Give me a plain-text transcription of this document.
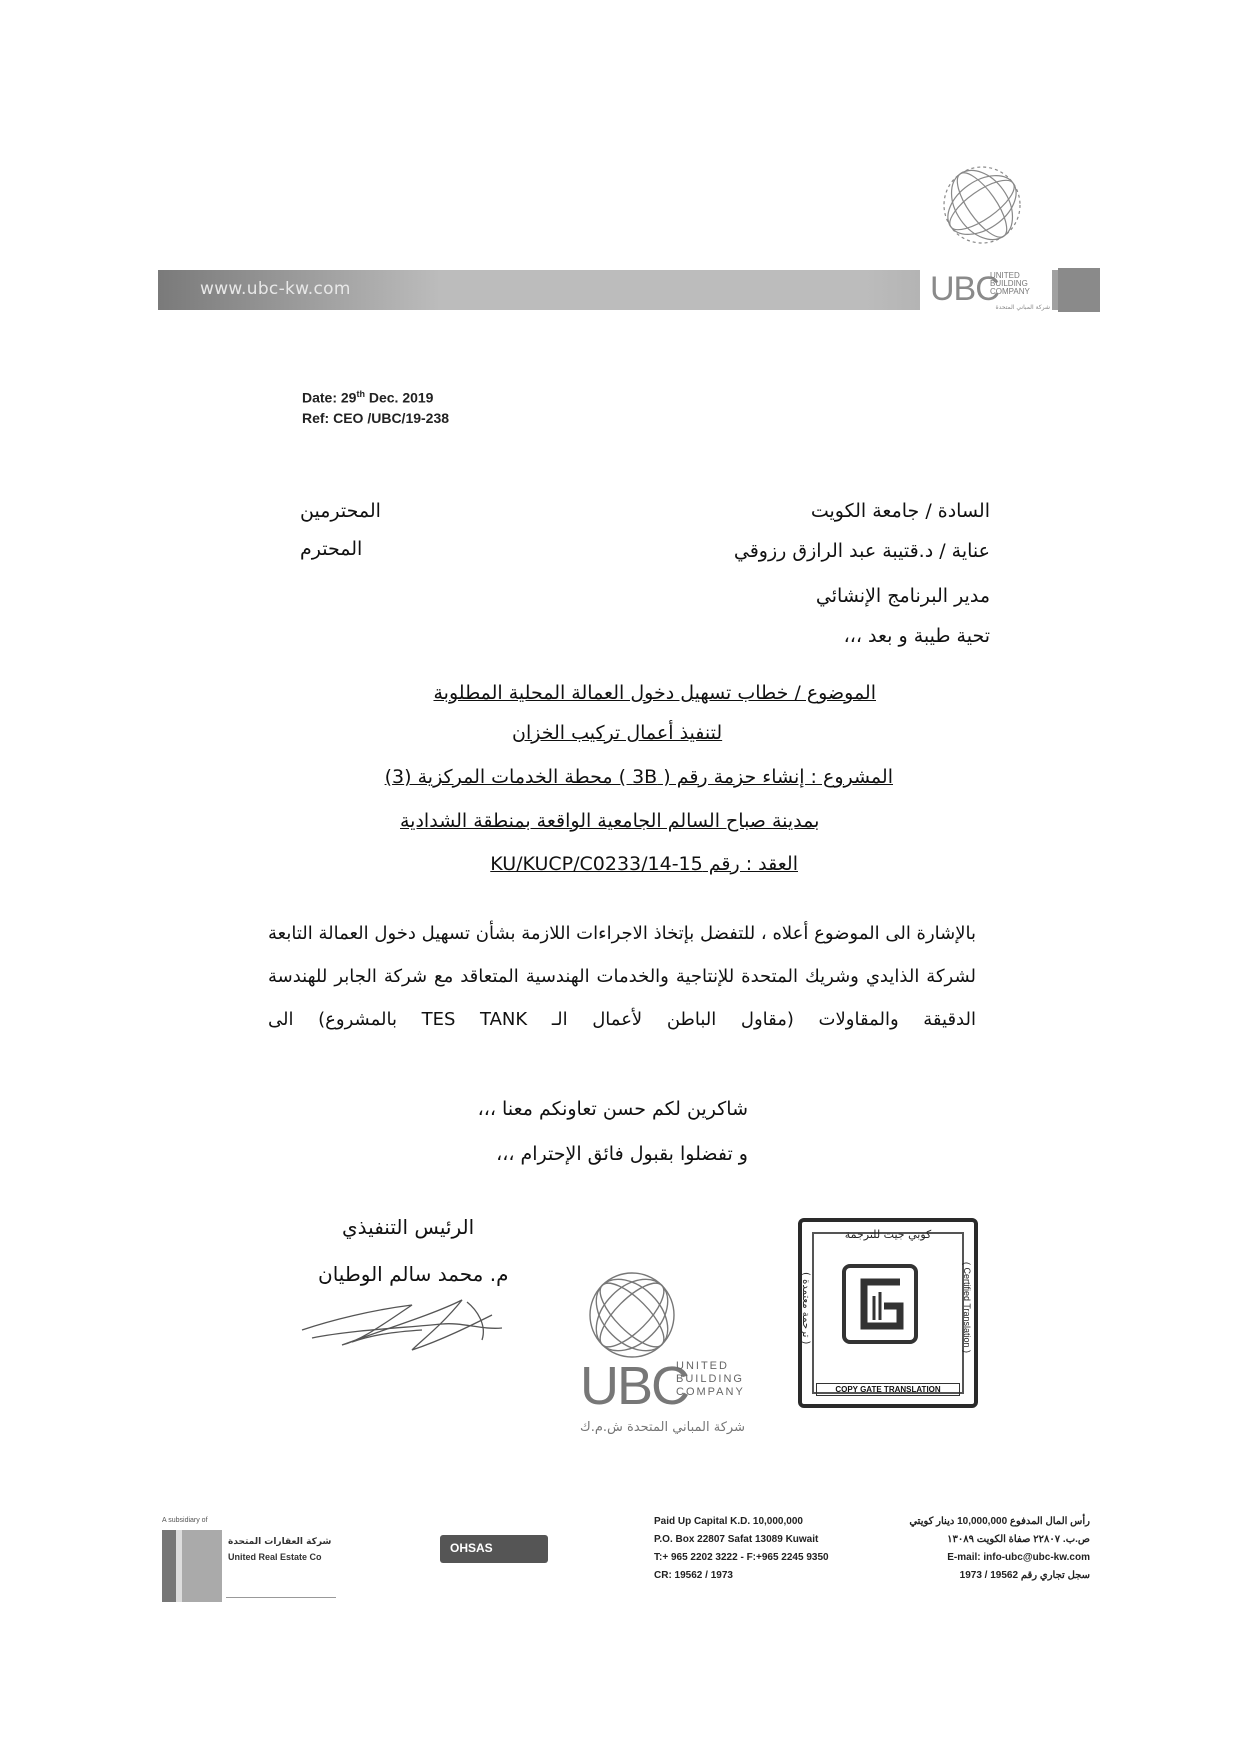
www.ubc-kw.com	UBC
UNITED BUILDING COMPANY
شركة المباني المتحدة
Date: 29th Dec. 2019
Ref: CEO /UBC/19-238
السادة / جامعة الكويت
عناية / د.قتيبة عبد الرازق رزوقي
مدير البرنامج الإنشائي
تحية طيبة و بعد ،،،
المحترمين
المحترم
الموضوع / خطاب تسهيل دخول العمالة المحلية المطلوبة
لتنفيذ أعمال تركيب الخزان
المشروع : إنشاء حزمة رقم ( 3B ) محطة الخدمات المركزية (3)
بمدينة صباح السالم الجامعية الواقعة بمنطقة الشدادية
العقد : رقم KU/KUCP/C0233/14-15
بالإشارة الى الموضوع أعلاه ، للتفضل بإتخاذ الاجراءات اللازمة بشأن تسهيل دخول العمالة التابعة لشركة الذايدي وشريك المتحدة للإنتاجية والخدمات الهندسية المتعاقد مع شركة الجابر للهندسة الدقيقة والمقاولات (مقاول الباطن لأعمال الـ TES TANK بالمشروع) الى
شاكرين لكم حسن تعاونكم معنا ،،،
و تفضلوا بقبول فائق الإحترام ،،،
الرئيس التنفيذي
م. محمد سالم الوطيان
UBC
UNITED
BUILDING
COMPANY
شركة المباني المتحدة ش.م.ك
كوبي جيت للترجمة
( ترجمة معتمدة )	( Certified Translation )
COPY GATE TRANSLATION
A subsidiary of
شركة العقارات المتحدة
United Real Estate Co
OHSAS
Paid Up Capital K.D. 10,000,000	رأس المال المدفوع 10,000,000 دينار كويتي
P.O. Box 22807 Safat 13089 Kuwait	ص.ب. ٢٢٨٠٧ صفاة الكويت ١٣٠٨٩
T:+ 965 2202 3222 - F:+965 2245 9350	E-mail: info-ubc@ubc-kw.com
CR: 19562 / 1973	سجل تجاري رقم 19562 / 1973
